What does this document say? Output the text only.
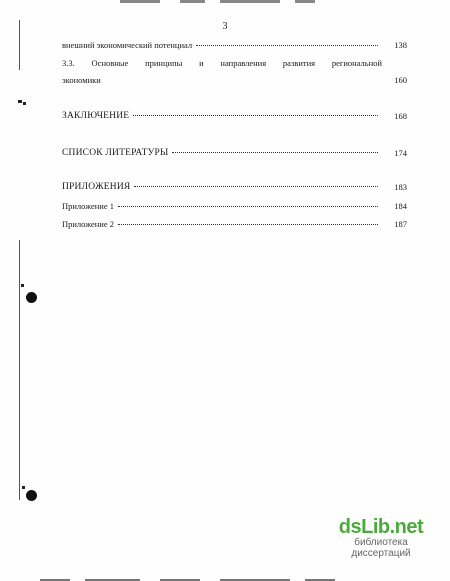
3
внешний экономический потенциал	138
3.3. Основные принципы и направления развития региональной
экономики	160
ЗАКЛЮЧЕНИЕ	168
СПИСОК ЛИТЕРАТУРЫ	174
ПРИЛОЖЕНИЯ	183
Приложение 1	184
Приложение 2	187
dsLib.net
библиотека диссертаций
